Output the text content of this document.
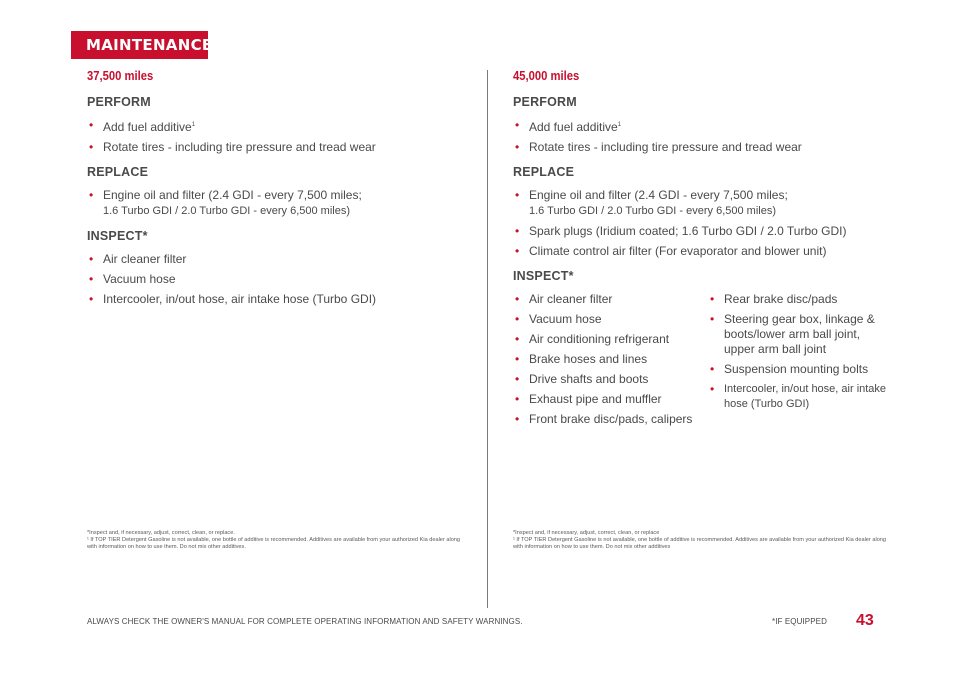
MAINTENANCE
37,500 miles
PERFORM
• Add fuel additive$^1$
• Rotate tires - including tire pressure and tread wear
REPLACE
• Engine oil and filter (2.4 GDI - every 7,500 miles;
1.6 Turbo GDI / 2.0 Turbo GDI - every 6,500 miles)
INSPECT*
• Air cleaner filter
• Vacuum hose
• Intercooler, in/out hose, air intake hose (Turbo GDI)
45,000 miles
PERFORM
• Add fuel additive$^1$
• Rotate tires - including tire pressure and tread wear
REPLACE
• Engine oil and filter (2.4 GDI - every 7,500 miles;
1.6 Turbo GDI / 2.0 Turbo GDI - every 6,500 miles)
• Spark plugs (Iridium coated; 1.6 Turbo GDI / 2.0 Turbo GDI)
• Climate control air filter (For evaporator and blower unit)
INSPECT*
• Air cleaner filter
• Vacuum hose
• Air conditioning refrigerant
• Brake hoses and lines
• Drive shafts and boots
• Exhaust pipe and muffler
• Front brake disc/pads, calipers
• Rear brake disc/pads
• Steering gear box, linkage & boots/lower arm ball joint, upper arm ball joint
• Suspension mounting bolts
• Intercooler, in/out hose, air intake hose (Turbo GDI)

*Inspect and, if necessary, adjust, correct, clean, or replace.

¹ If TOP TIER Detergent Gasoline is not available, one bottle of additive is recommended. Additives are available from your authorized Kia dealer along with information on how to use them. Do not mix other additives.

*Inspect and, if necessary, adjust, correct, clean, or replace

¹ If TOP TIER Detergent Gasoline is not available, one bottle of additive is recommended. Additives are available from your authorized Kia dealer along with information on how to use them. Do not mix other additives

ALWAYS CHECK THE OWNER'S MANUAL FOR COMPLETE OPERATING INFORMATION AND SAFETY WARNINGS.	*IF EQUIPPED 43
